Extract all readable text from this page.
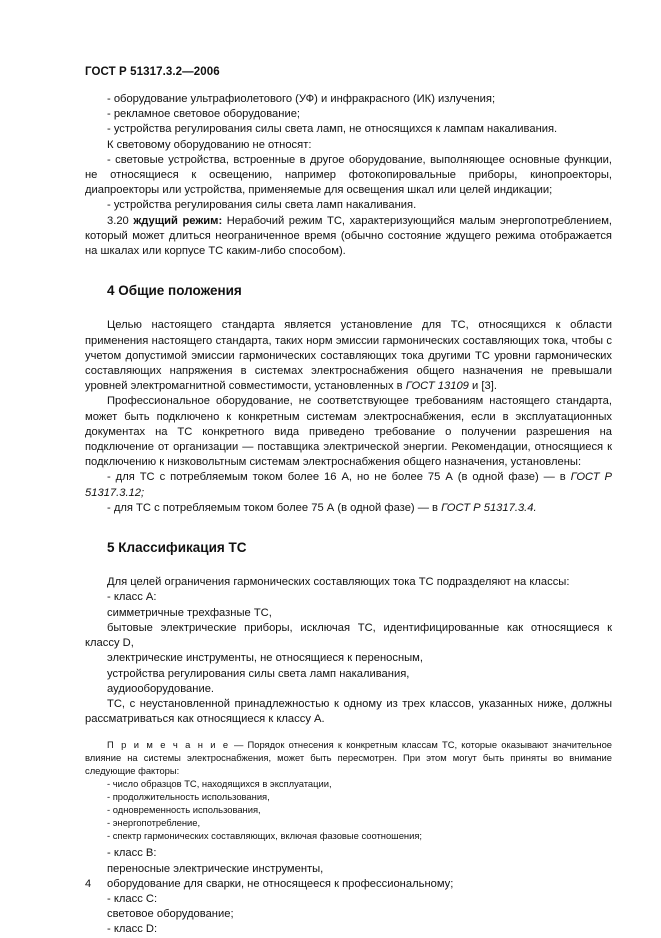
ГОСТ Р 51317.3.2—2006

- оборудование ультрафиолетового (УФ) и инфракрасного (ИК) излучения;

- рекламное световое оборудование;

- устройства регулирования силы света ламп, не относящихся к лампам накаливания.

К световому оборудованию не относят:

- световые устройства, встроенные в другое оборудование, выполняющее основные функции, не относящиеся к освещению, например фотокопировальные приборы, кинопроекторы, диапроекторы или устройства, применяемые для освещения шкал или целей индикации;

- устройства регулирования силы света ламп накаливания.

3.20 ждущий режим: Нерабочий режим ТС, характеризующийся малым энергопотреблением, который может длиться неограниченное время (обычно состояние ждущего режима отображается на шкалах или корпусе ТС каким-либо способом).

4 Общие положения

Целью настоящего стандарта является установление для ТС, относящихся к области применения настоящего стандарта, таких норм эмиссии гармонических составляющих тока, чтобы с учетом допустимой эмиссии гармонических составляющих тока другими ТС уровни гармонических составляющих напряжения в системах электроснабжения общего назначения не превышали уровней электромагнитной совместимости, установленных в ГОСТ 13109 и [3].

Профессиональное оборудование, не соответствующее требованиям настоящего стандарта, может быть подключено к конкретным системам электроснабжения, если в эксплуатационных документах на ТС конкретного вида приведено требование о получении разрешения на подключение от организации — поставщика электрической энергии. Рекомендации, относящиеся к подключению к низковольтным системам электроснабжения общего назначения, установлены:

- для ТС с потребляемым током более 16 А, но не более 75 А (в одной фазе) — в ГОСТ Р 51317.3.12;

- для ТС с потребляемым током более 75 А (в одной фазе) — в ГОСТ Р 51317.3.4.

5 Классификация ТС

Для целей ограничения гармонических составляющих тока ТС подразделяют на классы:

- класс А:

симметричные трехфазные ТС,

бытовые электрические приборы, исключая ТС, идентифицированные как относящиеся к классу D,

электрические инструменты, не относящиеся к переносным,

устройства регулирования силы света ламп накаливания,

аудиооборудование.

ТС, с неустановленной принадлежностью к одному из трех классов, указанных ниже, должны рассматриваться как относящиеся к классу А.

П р и м е ч а н и е — Порядок отнесения к конкретным классам ТС, которые оказывают значительное влияние на системы электроснабжения, может быть пересмотрен. При этом могут быть приняты во внимание следующие факторы:

- число образцов ТС, находящихся в эксплуатации,

- продолжительность использования,

- одновременность использования,

- энергопотребление,

- спектр гармонических составляющих, включая фазовые соотношения;

- класс В:

переносные электрические инструменты,

оборудование для сварки, не относящееся к профессиональному;

- класс С:

световое оборудование;

- класс D:

4
